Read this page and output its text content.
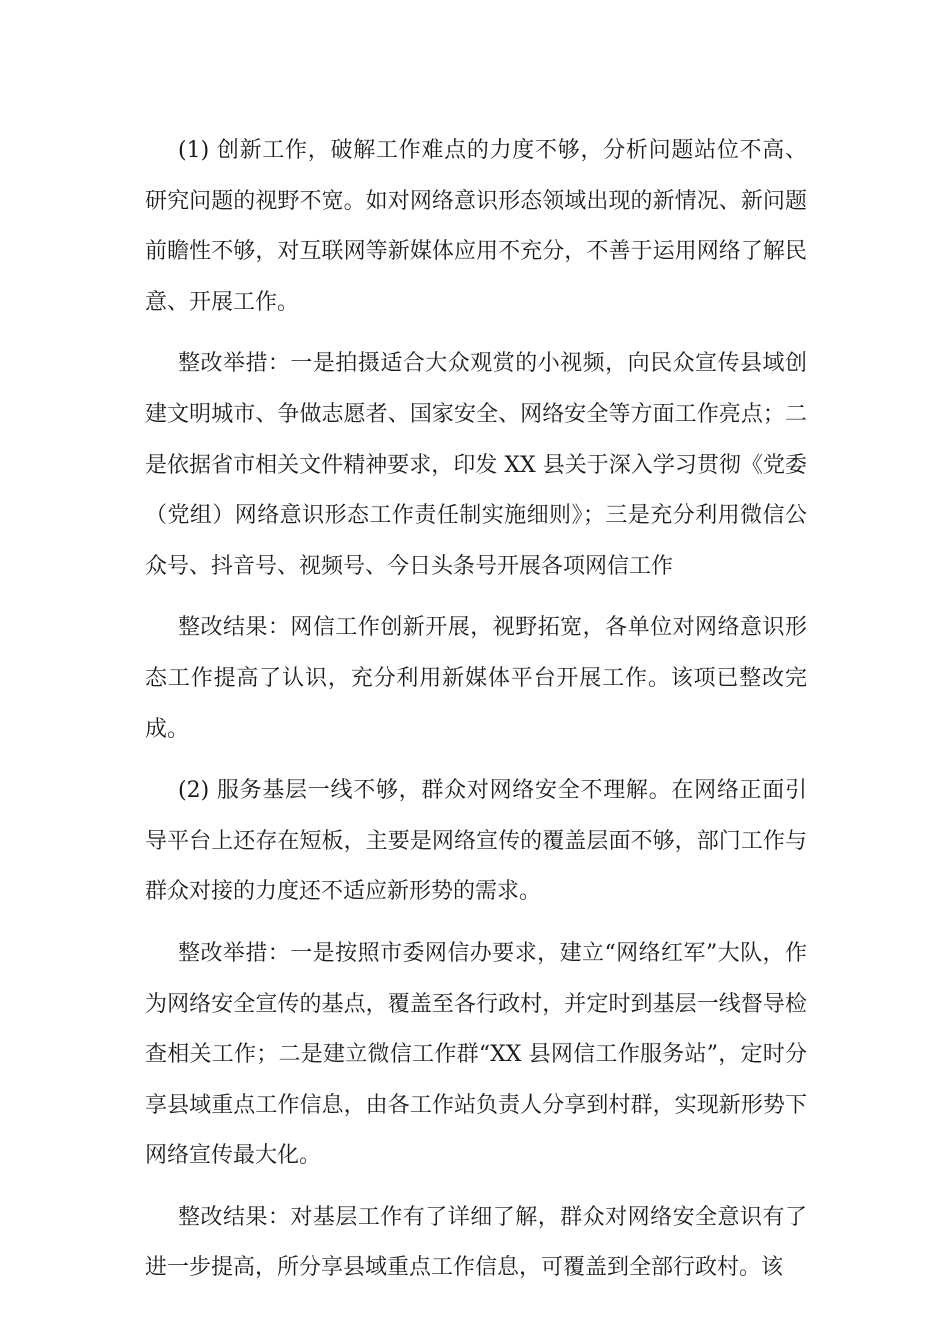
(1) 创新工作，破解工作难点的力度不够，分析问题站位不高、研究问题的视野不宽。如对网络意识形态领域出现的新情况、新问题前瞻性不够，对互联网等新媒体应用不充分，不善于运用网络了解民意、开展工作。

整改举措：一是拍摄适合大众观赏的小视频，向民众宣传县域创建文明城市、争做志愿者、国家安全、网络安全等方面工作亮点；二是依据省市相关文件精神要求，印发 XX 县关于深入学习贯彻《党委（党组）网络意识形态工作责任制实施细则》；三是充分利用微信公众号、抖音号、视频号、今日头条号开展各项网信工作

整改结果：网信工作创新开展，视野拓宽，各单位对网络意识形态工作提高了认识，充分利用新媒体平台开展工作。该项已整改完成。

(2) 服务基层一线不够，群众对网络安全不理解。在网络正面引导平台上还存在短板，主要是网络宣传的覆盖层面不够，部门工作与群众对接的力度还不适应新形势的需求。

整改举措：一是按照市委网信办要求，建立“网络红军”大队，作为网络安全宣传的基点，覆盖至各行政村，并定时到基层一线督导检查相关工作；二是建立微信工作群“XX 县网信工作服务站”，定时分享县域重点工作信息，由各工作站负责人分享到村群，实现新形势下网络宣传最大化。

整改结果：对基层工作有了详细了解，群众对网络安全意识有了进一步提高，所分享县域重点工作信息，可覆盖到全部行政村。该
